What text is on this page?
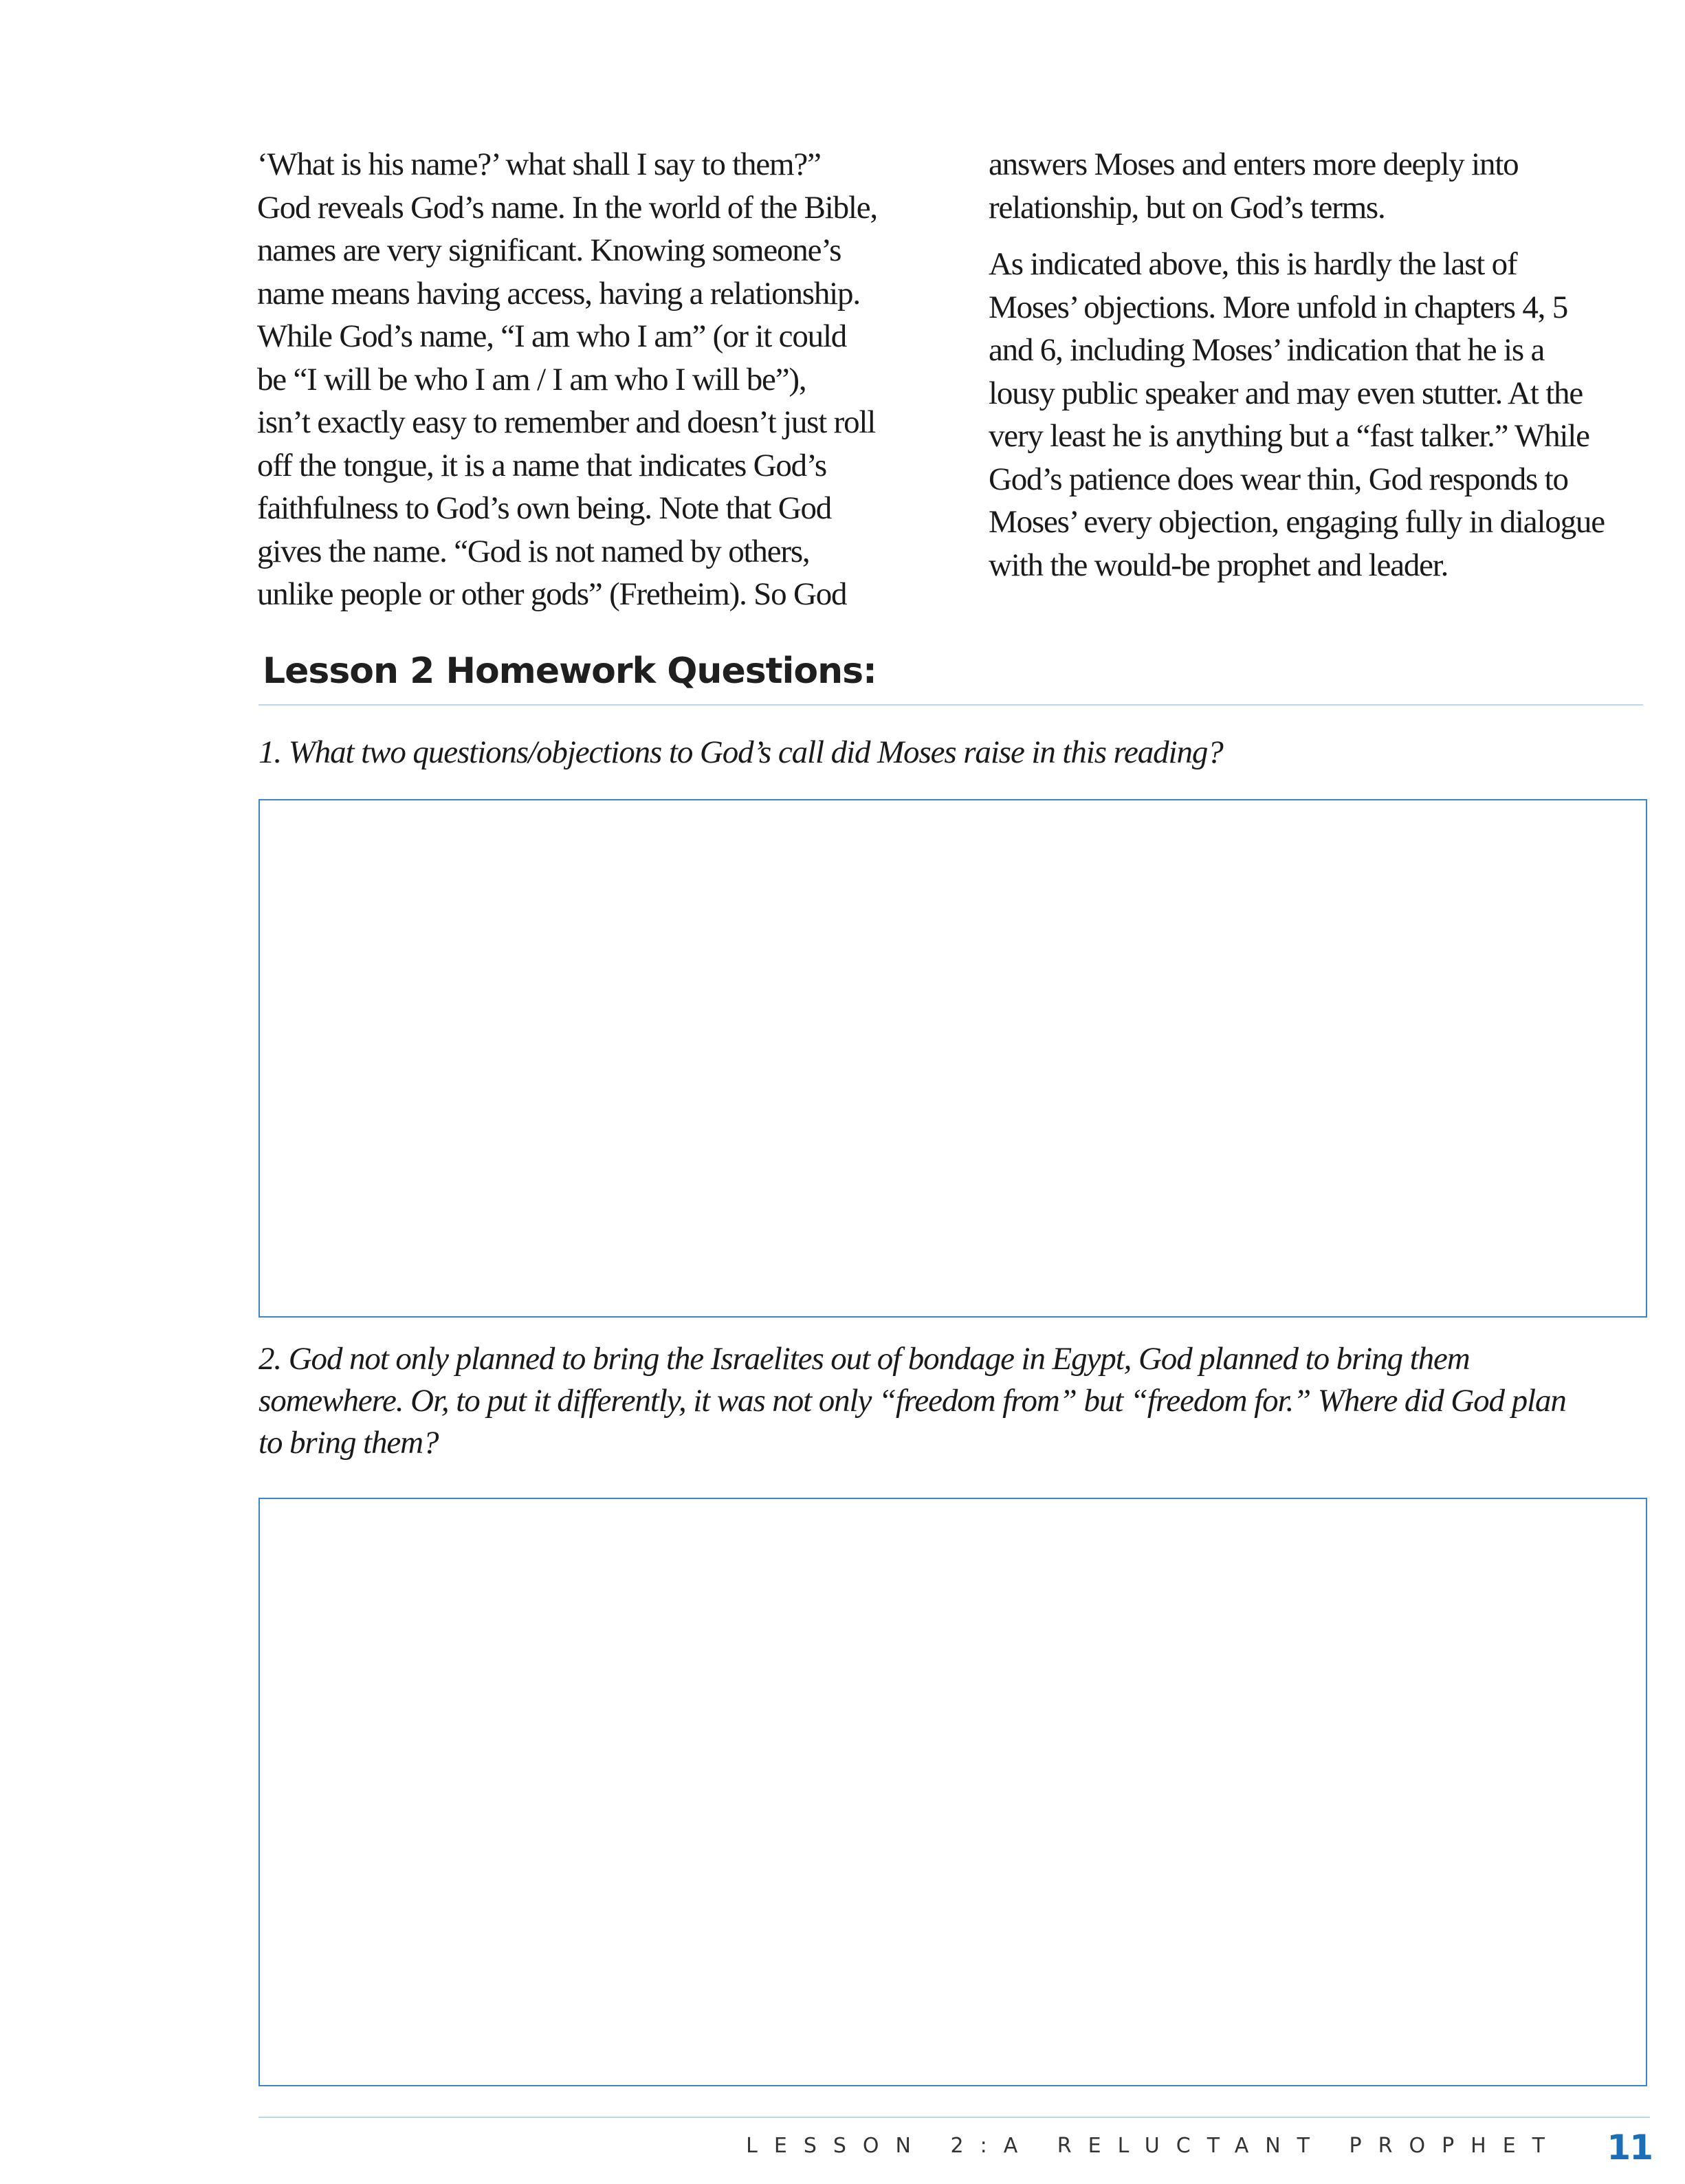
‘What is his name?’ what shall I say to them?”
God reveals God’s name. In the world of the Bible,
names are very significant. Knowing someone’s
name means having access, having a relationship.
While God’s name, “I am who I am” (or it could
be “I will be who I am / I am who I will be”),
isn’t exactly easy to remember and doesn’t just roll
off the tongue, it is a name that indicates God’s
faithfulness to God’s own being. Note that God
gives the name. “God is not named by others,
unlike people or other gods” (Fretheim). So God

answers Moses and enters more deeply into
relationship, but on God’s terms.

As indicated above, this is hardly the last of
Moses’ objections. More unfold in chapters 4, 5
and 6, including Moses’ indication that he is a
lousy public speaker and may even stutter. At the
very least he is anything but a “fast talker.” While
God’s patience does wear thin, God responds to
Moses’ every objection, engaging fully in dialogue
with the would-be prophet and leader.

Lesson 2 Homework Questions:

1. What two questions/objections to God’s call did Moses raise in this reading?

2. God not only planned to bring the Israelites out of bondage in Egypt, God planned to bring them
somewhere. Or, to put it differently, it was not only “freedom from” but “freedom for.” Where did God plan
to bring them?

LESSON 2:A RELUCTANT PROPHET 11
